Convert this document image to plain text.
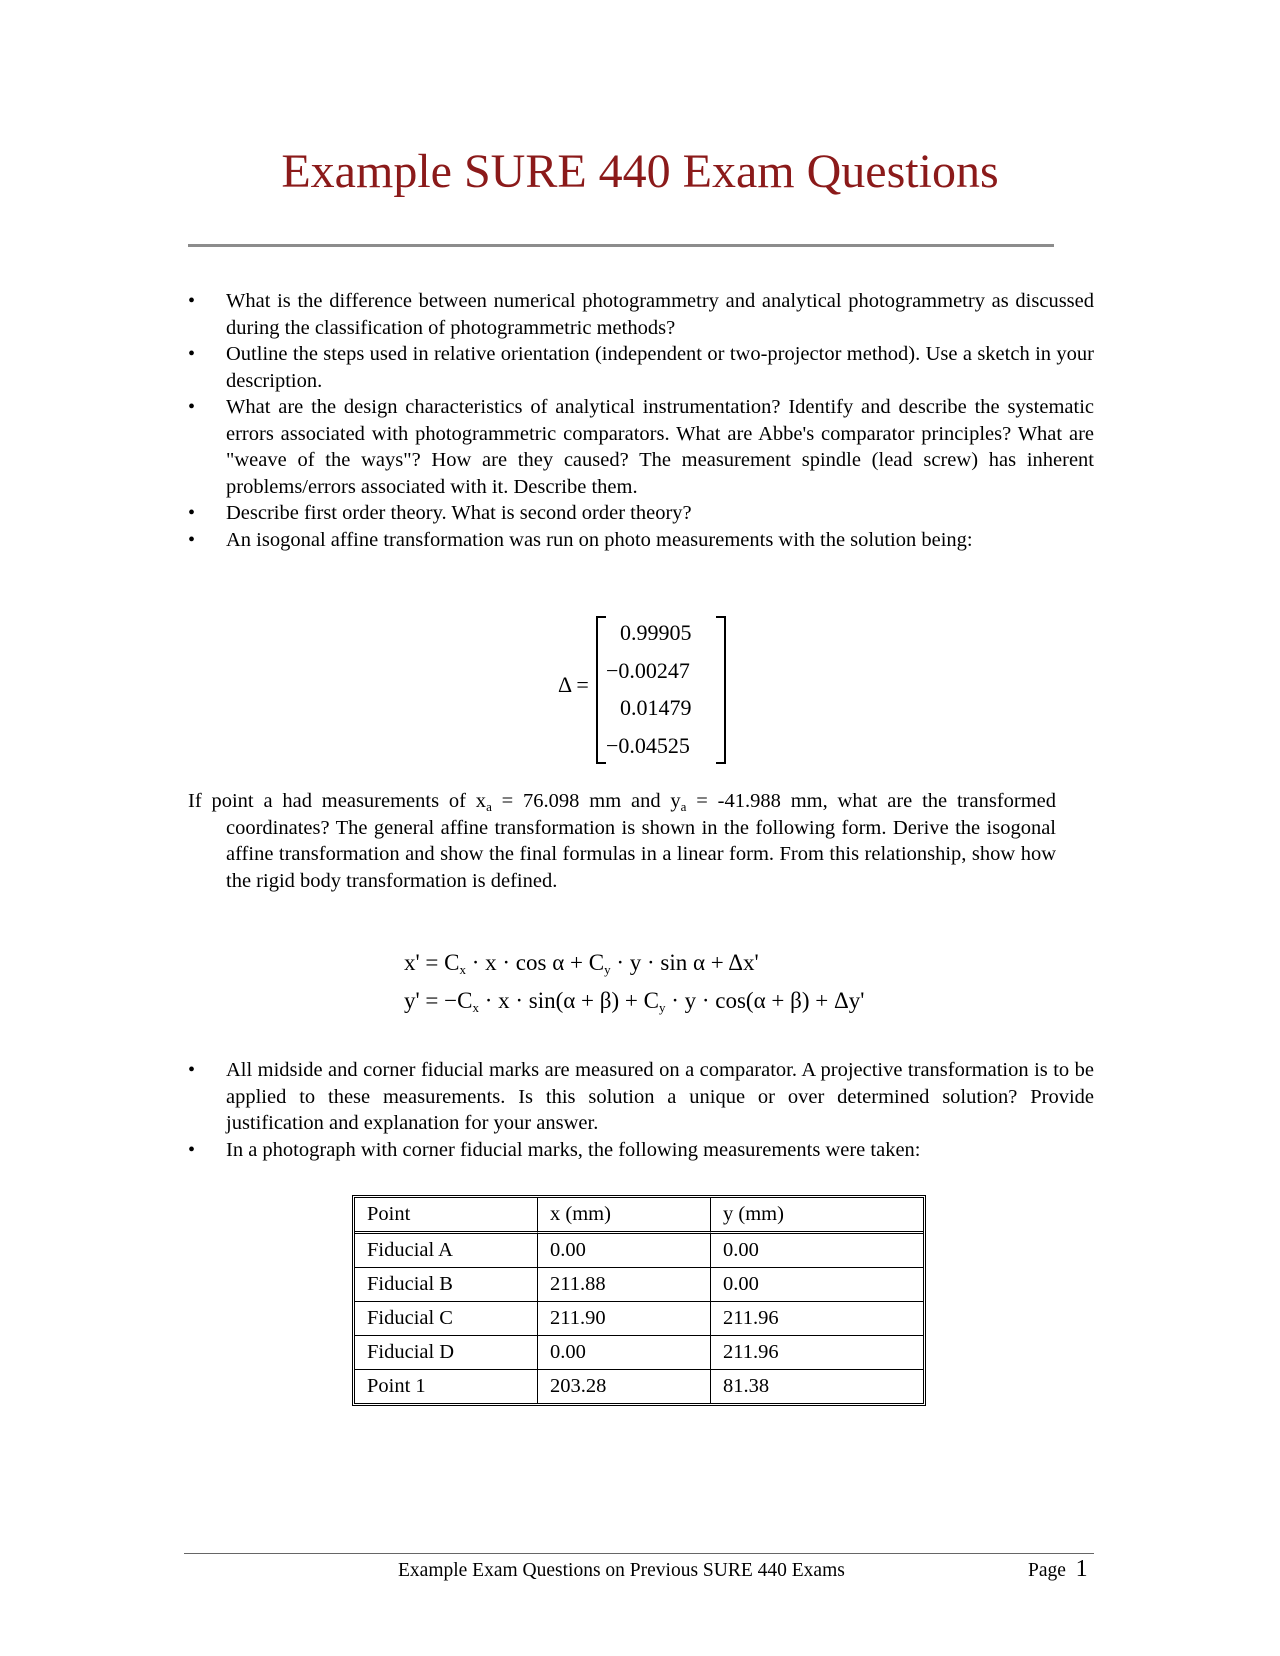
Example SURE 440 Exam Questions
• What is the difference between numerical photogrammetry and analytical photogrammetry as discussed during the classification of photogrammetric methods?
• Outline the steps used in relative orientation (independent or two-projector method). Use a sketch in your description.
• What are the design characteristics of analytical instrumentation? Identify and describe the systematic errors associated with photogrammetric comparators. What are Abbe's comparator principles? What are "weave of the ways"? How are they caused? The measurement spindle (lead screw) has inherent problems/errors associated with it. Describe them.
• Describe first order theory. What is second order theory?
• An isogonal affine transformation was run on photo measurements with the solution being:
Δ =
0.99905
−0.00247
0.01479
−0.04525

If point a had measurements of $x_a = 76.098$ mm and $y_a = -41.988$ mm, what are the transformed coordinates? The general affine transformation is shown in the following form. Derive the isogonal affine transformation and show the final formulas in a linear form. From this relationship, show how the rigid body transformation is defined.

$x' = C_x \cdot x \cdot \cos \alpha + C_y \cdot y \cdot \sin \alpha + \Delta x'$
$y' = -C_x \cdot x \cdot \sin(\alpha + \beta) + C_y \cdot y \cdot \cos(\alpha + \beta) + \Delta y'$
• All midside and corner fiducial marks are measured on a comparator. A projective transformation is to be applied to these measurements. Is this solution a unique or over determined solution? Provide justification and explanation for your answer.
• In a photograph with corner fiducial marks, the following measurements were taken:
Point	x (mm)	y (mm)
Fiducial A	0.00	0.00
Fiducial B	211.88	0.00
Fiducial C	211.90	211.96
Fiducial D	0.00	211.96
Point 1	203.28	81.38
Example Exam Questions on Previous SURE 440 Exams	Page 1
